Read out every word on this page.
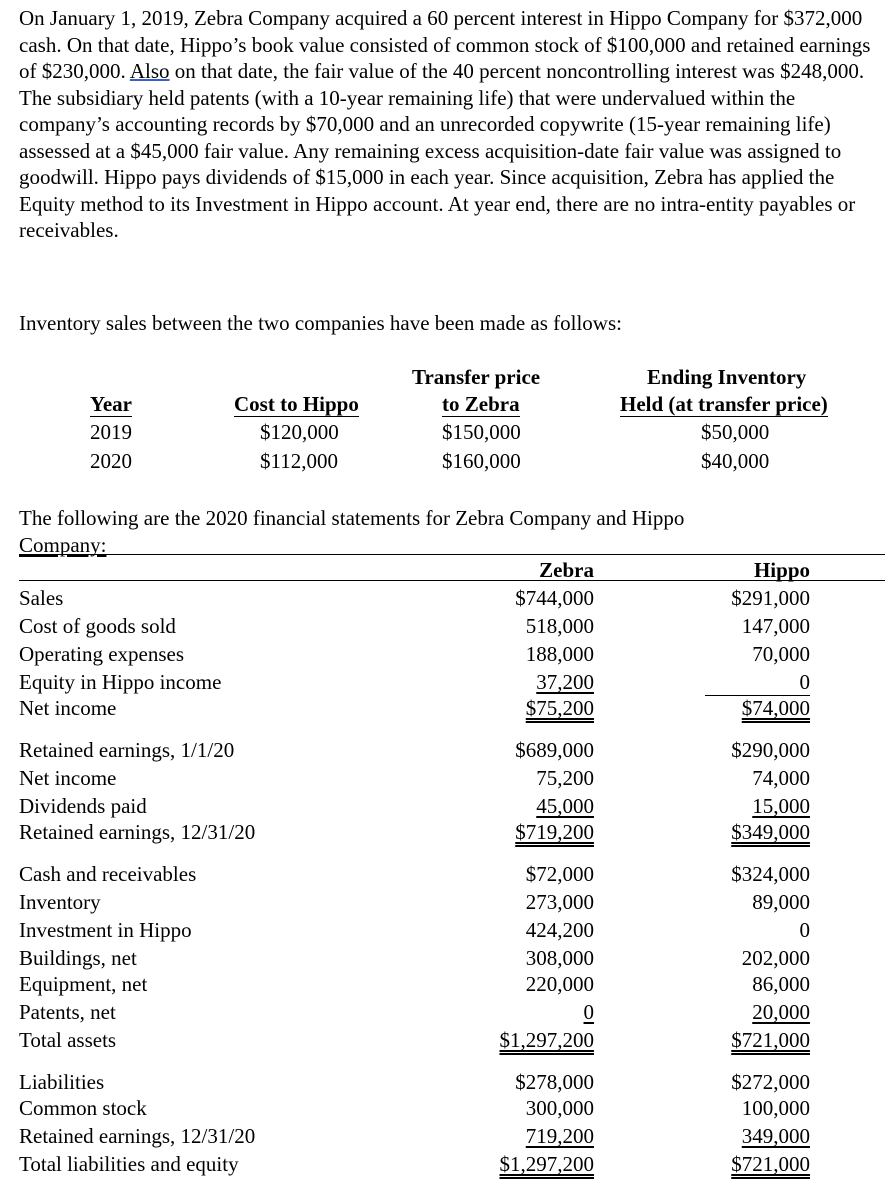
On January 1, 2019, Zebra Company acquired a 60 percent interest in Hippo Company for $372,000 cash. On that date, Hippo’s book value consisted of common stock of $100,000 and retained earnings of $230,000. Also on that date, the fair value of the 40 percent noncontrolling interest was $248,000. The subsidiary held patents (with a 10-year remaining life) that were undervalued within the company’s accounting records by $70,000 and an unrecorded copywrite (15-year remaining life) assessed at a $45,000 fair value. Any remaining excess acquisition-date fair value was assigned to goodwill. Hippo pays dividends of $15,000 in each year. Since acquisition, Zebra has applied the Equity method to its Investment in Hippo account. At year end, there are no intra-entity payables or receivables.

Inventory sales between the two companies have been made as follows:

Transfer price	Ending Inventory
Year	Cost to Hippo	to Zebra	Held (at transfer price)
2019	$120,000	$150,000	$50,000
2020	$112,000	$160,000	$40,000
The following are the 2020 financial statements for Zebra Company and Hippo
Company:
Zebra	Hippo
Sales	$744,000	$291,000
Cost of goods sold	518,000	147,000
Operating expenses	188,000	70,000
Equity in Hippo income	37,200	0
Net income	$75,200	$74,000
Retained earnings, 1/1/20	$689,000	$290,000
Net income	75,200	74,000
Dividends paid	45,000	15,000
Retained earnings, 12/31/20	$719,200	$349,000
Cash and receivables	$72,000	$324,000
Inventory	273,000	89,000
Investment in Hippo	424,200	0
Buildings, net	308,000	202,000
Equipment, net	220,000	86,000
Patents, net	0	20,000
Total assets	$1,297,200	$721,000
Liabilities	$278,000	$272,000
Common stock	300,000	100,000
Retained earnings, 12/31/20	719,200	349,000
Total liabilities and equity	$1,297,200	$721,000
